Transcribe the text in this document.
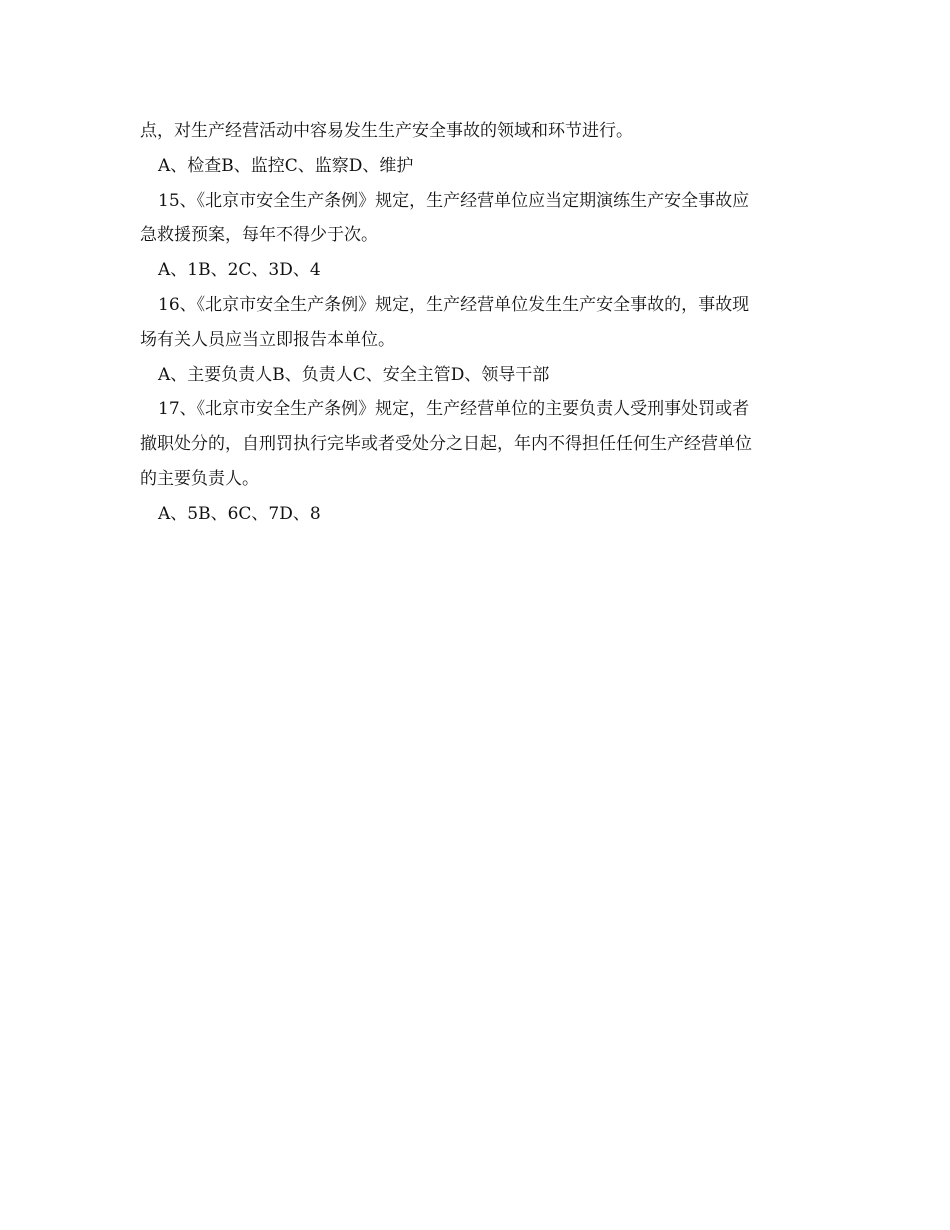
点，对生产经营活动中容易发生生产安全事故的领域和环节进行。
A、检查B、监控C、监察D、维护
15、《北京市安全生产条例》规定，生产经营单位应当定期演练生产安全事故应
急救援预案，每年不得少于次。
A、1B、2C、3D、4
16、《北京市安全生产条例》规定，生产经营单位发生生产安全事故的，事故现
场有关人员应当立即报告本单位。
A、主要负责人B、负责人C、安全主管D、领导干部
17、《北京市安全生产条例》规定，生产经营单位的主要负责人受刑事处罚或者
撤职处分的，自刑罚执行完毕或者受处分之日起，年内不得担任任何生产经营单位
的主要负责人。
A、5B、6C、7D、8
